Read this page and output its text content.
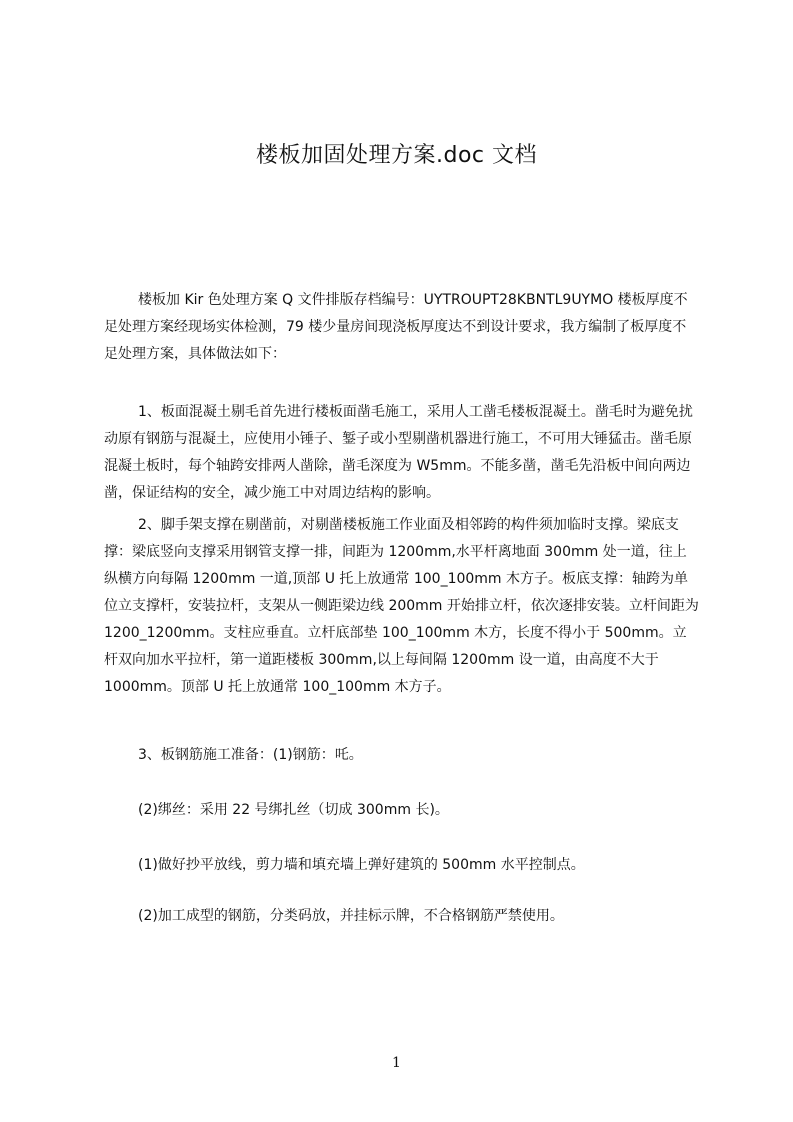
楼板加固处理方案.doc 文档

楼板加 Kir 色处理方案 Q 文件排版存档编号：UYTROUPT28KBNTL9UYMO 楼板厚度不足处理方案经现场实体检测，79 楼少量房间现浇板厚度达不到设计要求，我方编制了板厚度不足处理方案，具体做法如下：

1、板面混凝土剔毛首先进行楼板面凿毛施工，采用人工凿毛楼板混凝土。凿毛时为避免扰动原有钢筋与混凝土，应使用小锤子、錾子或小型剔凿机器进行施工，不可用大锤猛击。凿毛原混凝土板时，每个轴跨安排两人凿除，凿毛深度为 W5mm。不能多凿，凿毛先沿板中间向两边凿，保证结构的安全，减少施工中对周边结构的影响。

2、脚手架支撑在剔凿前，对剔凿楼板施工作业面及相邻跨的构件须加临时支撑。梁底支撑：梁底竖向支撑采用钢管支撑一排，间距为 1200mm,水平杆离地面 300mm 处一道，往上纵横方向每隔 1200mm 一道,顶部 U 托上放通常 100_100mm 木方子。板底支撑：轴跨为单位立支撑杆，安装拉杆，支架从一侧距梁边线 200mm 开始排立杆，依次逐排安装。立杆间距为 1200_1200mm。支柱应垂直。立杆底部垫 100_100mm 木方，长度不得小于 500mm。立杆双向加水平拉杆，第一道距楼板 300mm,以上每间隔 1200mm 设一道，由高度不大于 1000mm。顶部 U 托上放通常 100_100mm 木方子。

3、板钢筋施工准备：(1)钢筋：吒。

(2)绑丝：采用 22 号绑扎丝（切成 300mm 长)。

(1)做好抄平放线，剪力墙和填充墙上弹好建筑的 500mm 水平控制点。

(2)加工成型的钢筋，分类码放，并挂标示牌，不合格钢筋严禁使用。

1
